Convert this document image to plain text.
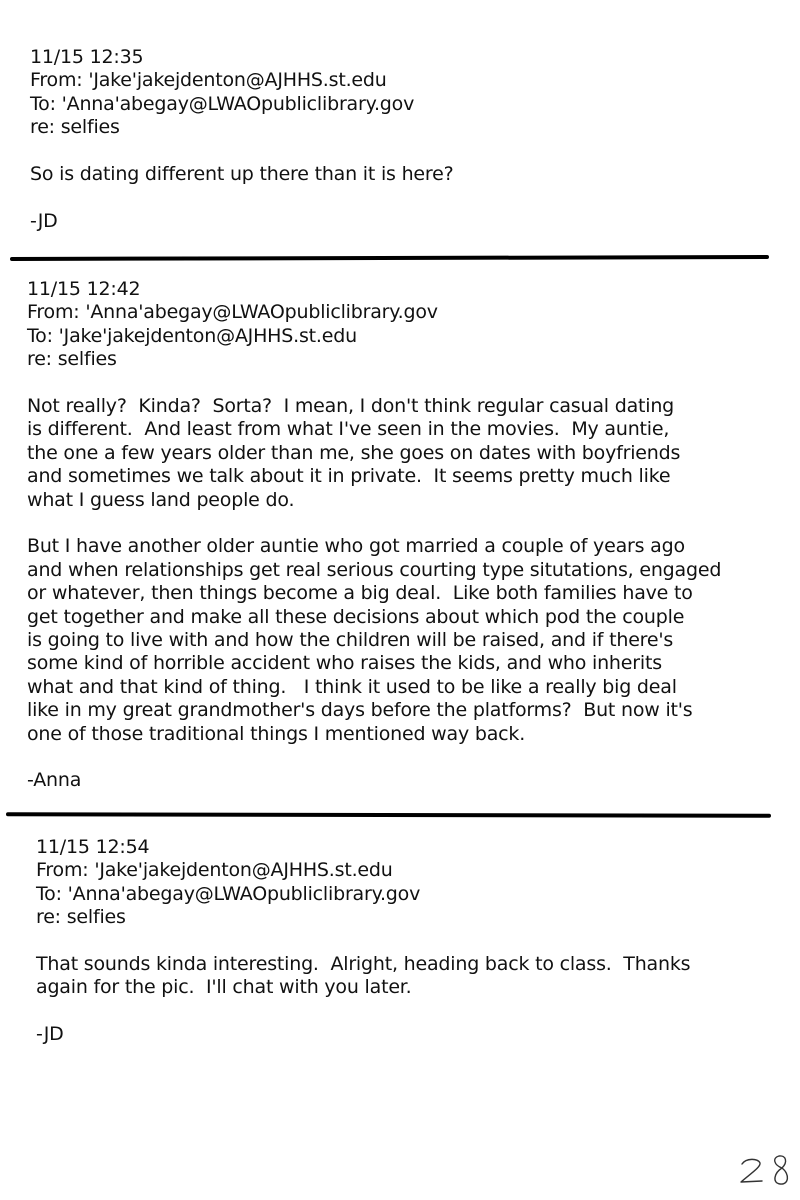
11/15 12:35
From: 'Jake'jakejdenton@AJHHS.st.edu
To: 'Anna'abegay@LWAOpubliclibrary.gov
re: selfies
So is dating different up there than it is here?
-JD
11/15 12:42
From: 'Anna'abegay@LWAOpubliclibrary.gov
To: 'Jake'jakejdenton@AJHHS.st.edu
re: selfies
Not really?  Kinda?  Sorta?  I mean, I don't think regular casual dating
is different.  And least from what I've seen in the movies.  My auntie,
the one a few years older than me, she goes on dates with boyfriends
and sometimes we talk about it in private.  It seems pretty much like
what I guess land people do.
But I have another older auntie who got married a couple of years ago
and when relationships get real serious courting type situtations, engaged
or whatever, then things become a big deal.  Like both families have to
get together and make all these decisions about which pod the couple
is going to live with and how the children will be raised, and if there's
some kind of horrible accident who raises the kids, and who inherits
what and that kind of thing.   I think it used to be like a really big deal
like in my great grandmother's days before the platforms?  But now it's
one of those traditional things I mentioned way back.
-Anna
11/15 12:54
From: 'Jake'jakejdenton@AJHHS.st.edu
To: 'Anna'abegay@LWAOpubliclibrary.gov
re: selfies
That sounds kinda interesting.  Alright, heading back to class.  Thanks
again for the pic.  I'll chat with you later.
-JD
